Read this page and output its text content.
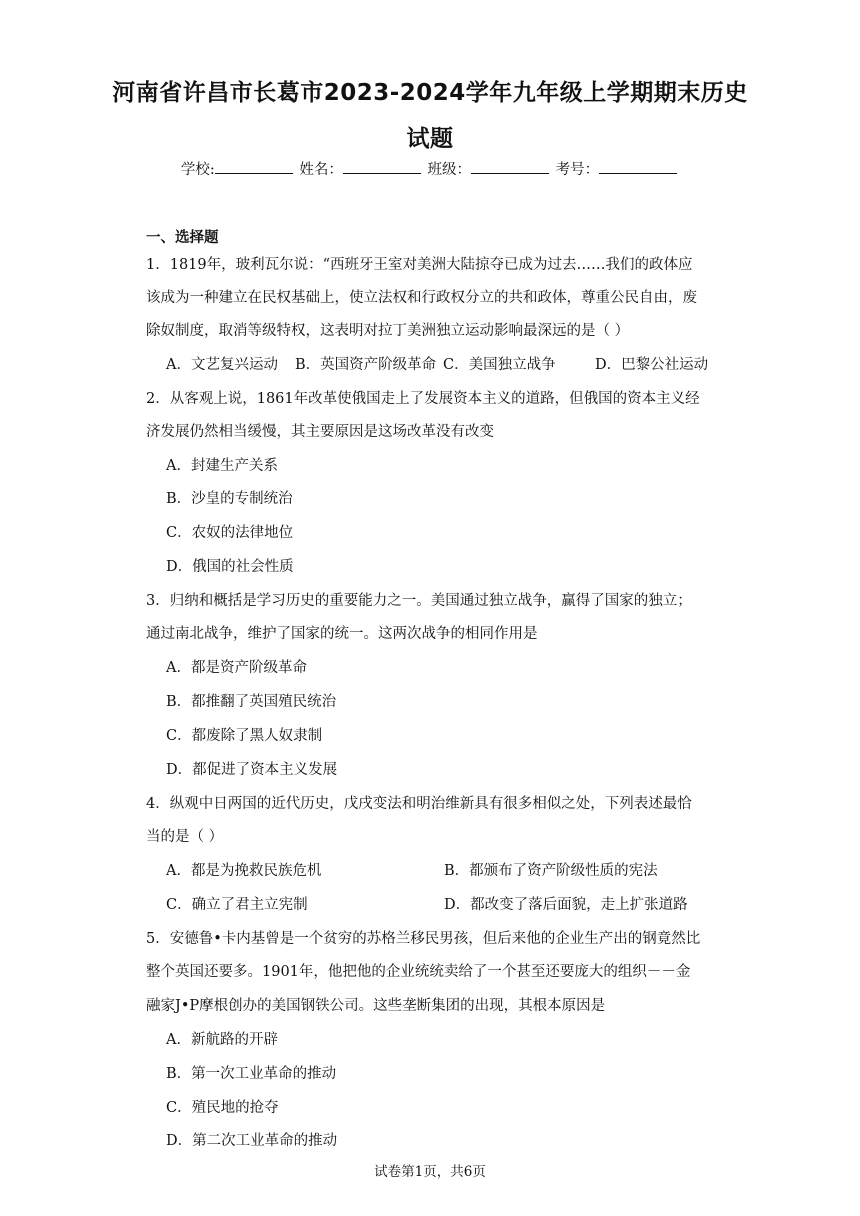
河南省许昌市长葛市2023-2024学年九年级上学期期末历史
试题
学校:	姓名：	班级：	考号：
一、选择题
1．1819年，玻利瓦尔说：“西班牙王室对美洲大陆掠夺已成为过去……我们的政体应
该成为一种建立在民权基础上，使立法权和行政权分立的共和政体，尊重公民自由，废
除奴制度，取消等级特权，这表明对拉丁美洲独立运动影响最深远的是（ ）
A．文艺复兴运动 B．英国资产阶级革命 C．美国独立战争	D．巴黎公社运动
2．从客观上说，1861年改革使俄国走上了发展资本主义的道路，但俄国的资本主义经
济发展仍然相当缓慢，其主要原因是这场改革没有改变
A．封建生产关系
B．沙皇的专制统治
C．农奴的法律地位
D．俄国的社会性质
3．归纳和概括是学习历史的重要能力之一。美国通过独立战争，赢得了国家的独立；
通过南北战争，维护了国家的统一。这两次战争的相同作用是
A．都是资产阶级革命
B．都推翻了英国殖民统治
C．都废除了黑人奴隶制
D．都促进了资本主义发展
4．纵观中日两国的近代历史，戊戌变法和明治维新具有很多相似之处，下列表述最恰
当的是（ ）
A．都是为挽救民族危机	B．都颁布了资产阶级性质的宪法
C．确立了君主立宪制	D．都改变了落后面貌，走上扩张道路
5．安德鲁•卡内基曾是一个贫穷的苏格兰移民男孩，但后来他的企业生产出的钢竟然比
整个英国还要多。1901年，他把他的企业统统卖给了一个甚至还要庞大的组织－－金
融家J•P摩根创办的美国钢铁公司。这些垄断集团的出现，其根本原因是
A．新航路的开辟
B．第一次工业革命的推动
C．殖民地的抢夺
D．第二次工业革命的推动
试卷第1页，共6页
